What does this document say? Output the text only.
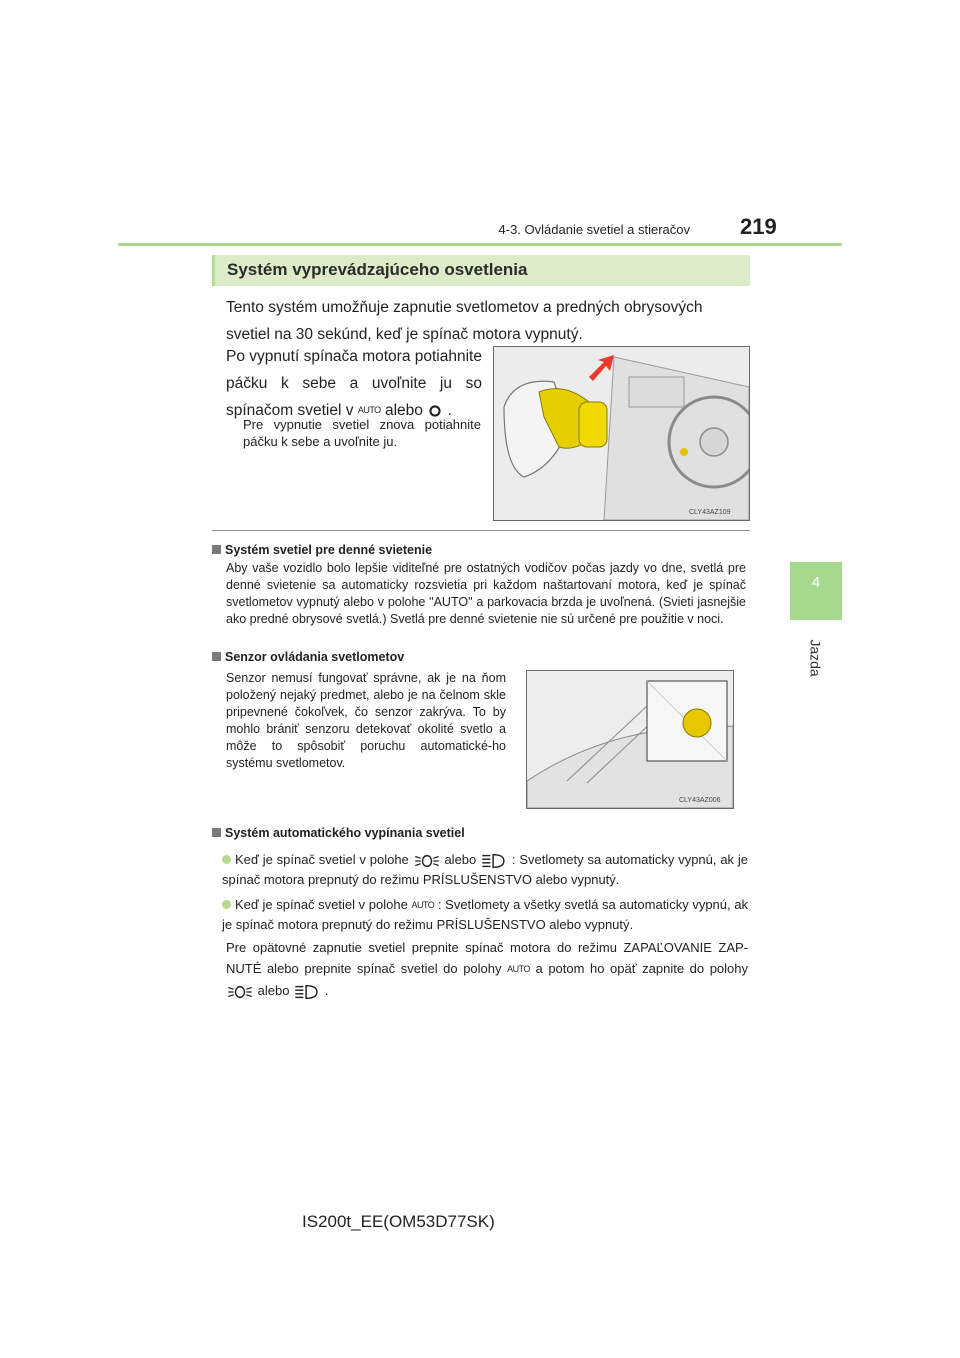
4-3. Ovládanie svetiel a stieračov 219
4
Jazda
Systém vyprevádzajúceho osvetlenia
Tento systém umožňuje zapnutie svetlometov a predných obrysových svetiel na 30 sekúnd, keď je spínač motora vypnutý.
Po vypnutí spínača motora potiahnite páčku k sebe a uvoľnite ju so spínačom svetiel v AUTO alebo .
Pre vypnutie svetiel znova potiahnite páčku k sebe a uvoľnite ju.
CLY43AZ109
Systém svetiel pre denné svietenie
Aby vaše vozidlo bolo lepšie viditeľné pre ostatných vodičov počas jazdy vo dne, svetlá pre denné svietenie sa automaticky rozsvietia pri každom naštartovaní motora, keď je spínač svetlometov vypnutý alebo v polohe "AUTO" a parkovacia brzda je uvoľnená. (Svieti jasnejšie ako predné obrysové svetlá.) Svetlá pre denné svietenie nie sú určené pre použitie v noci.
Senzor ovládania svetlometov
Senzor nemusí fungovať správne, ak je na ňom položený nejaký predmet, alebo je na čelnom skle pripevnené čokoľvek, čo senzor zakrýva. To by mohlo brániť senzoru detekovať okolité svetlo a môže to spôsobiť poruchu automatické-ho systému svetlometov.
CLY43AZ006
Systém automatického vypínania svetiel
Keď je spínač svetiel v polohe	alebo	: Svetlomety sa automaticky vypnú, ak je spínač motora prepnutý do režimu PRÍSLUŠENSTVO alebo vypnutý.
Keď je spínač svetiel v polohe AUTO : Svetlomety a všetky svetlá sa automaticky vypnú, ak je spínač motora prepnutý do režimu PRÍSLUŠENSTVO alebo vypnutý.
Pre opätovné zapnutie svetiel prepnite spínač motora do režimu ZAPAĽOVANIE ZAP-NUTÉ alebo prepnite spínač svetiel do polohy AUTO a potom ho opäť zapnite do polohy  alebo	.
IS200t_EE(OM53D77SK)
